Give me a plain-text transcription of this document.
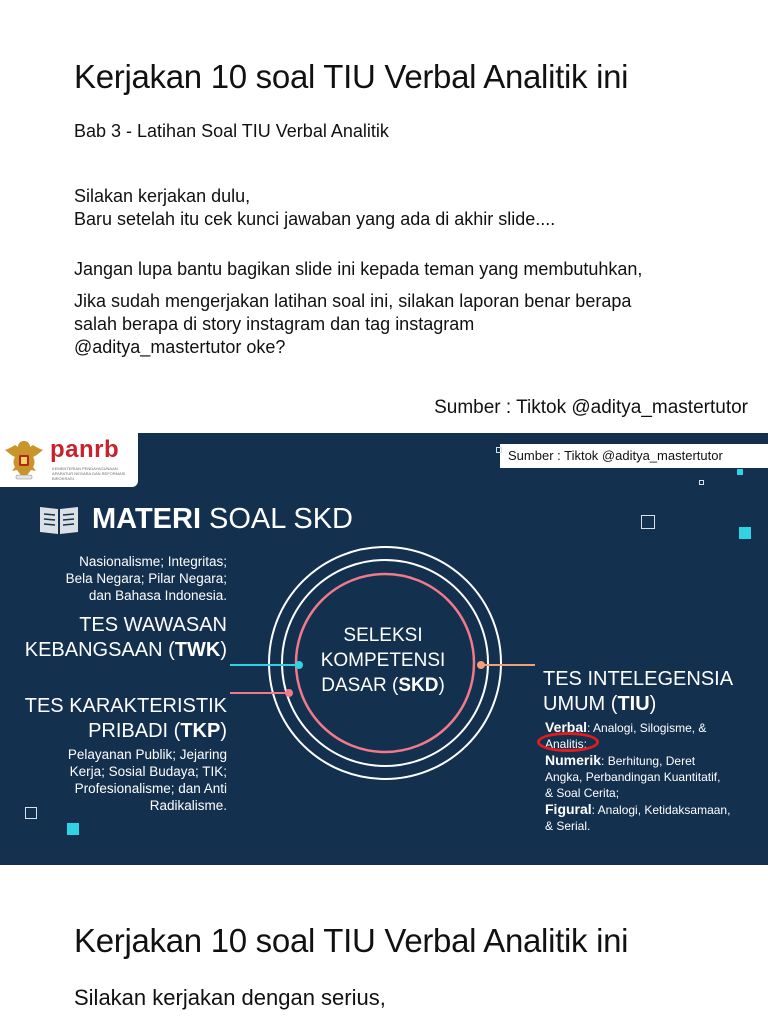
Kerjakan 10 soal TIU Verbal Analitik ini
Bab 3 - Latihan Soal TIU Verbal Analitik
Silakan kerjakan dulu,
Baru setelah itu cek kunci jawaban yang ada di akhir slide....
Jangan lupa bantu bagikan slide ini kepada teman yang membutuhkan,
Jika sudah mengerjakan latihan soal ini, silakan laporan benar berapa
salah berapa di story instagram dan tag instagram
@aditya_mastertutor oke?
Sumber : Tiktok @aditya_mastertutor
panrb
KEMENTERIAN PENDAYAGUNAAN APARATUR NEGARA DAN REFORMASI BIROKRASI
Sumber : Tiktok @aditya_mastertutor
MATERI SOAL SKD
Nasionalisme; Integritas;
Bela Negara; Pilar Negara;
dan Bahasa Indonesia.
TES WAWASAN
KEBANGSAAN (TWK)
TES KARAKTERISTIK
PRIBADI (TKP)
Pelayanan Publik; Jejaring
Kerja; Sosial Budaya; TIK;
Profesionalisme; dan Anti
Radikalisme.
SELEKSI
KOMPETENSI
DASAR (SKD)	TES INTELEGENSIA
UMUM (TIU)
Verbal: Analogi, Silogisme, &
Analitis;
Numerik: Berhitung, Deret
Angka, Perbandingan Kuantitatif,
& Soal Cerita;
Figural: Analogi, Ketidaksamaan,
& Serial.
Kerjakan 10 soal TIU Verbal Analitik ini
Silakan kerjakan dengan serius,
